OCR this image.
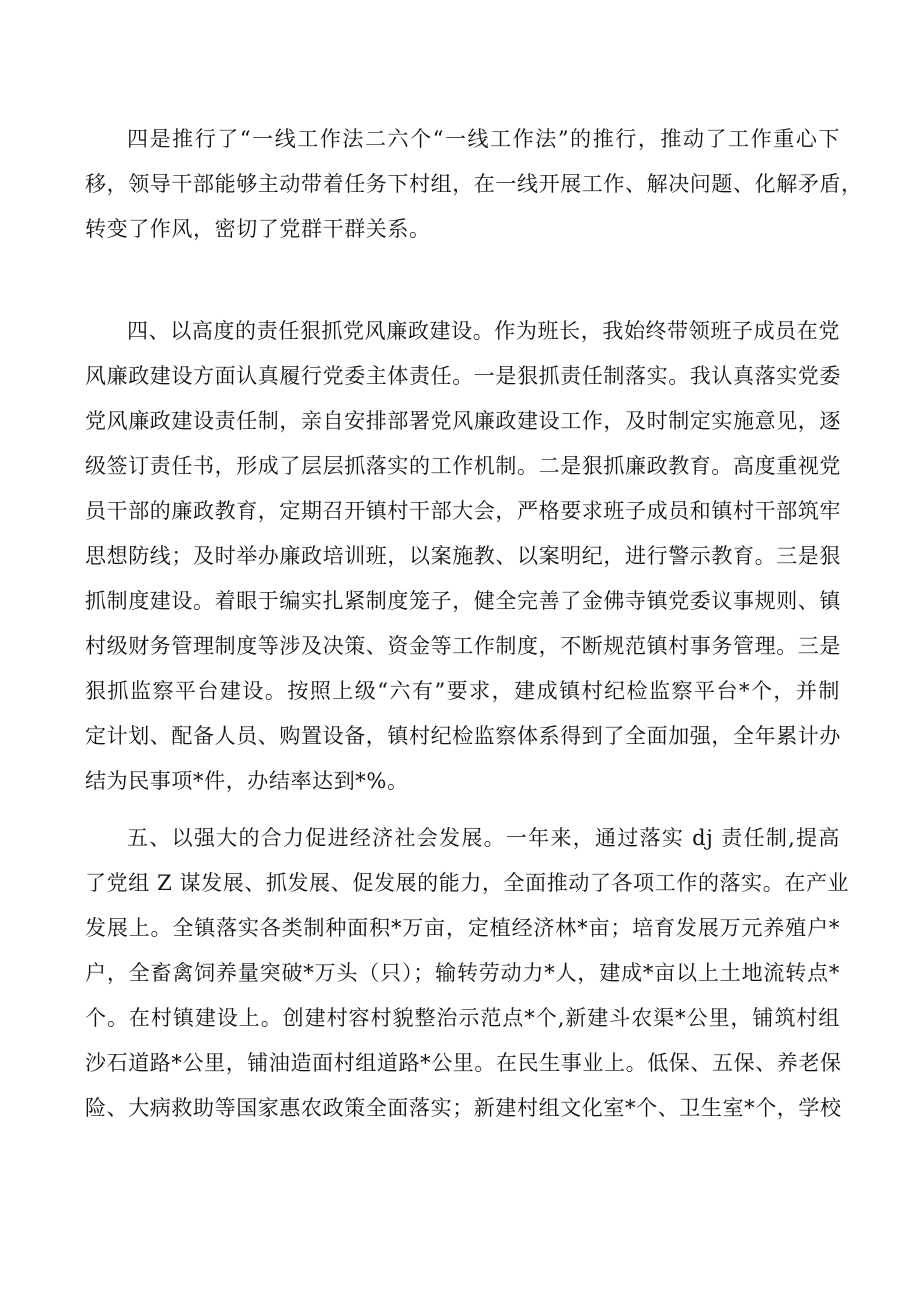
四是推行了“一线工作法二六个“一线工作法”的推行，推动了工作重心下
移，领导干部能够主动带着任务下村组，在一线开展工作、解决问题、化解矛盾，
转变了作风，密切了党群干群关系。
四、以高度的责任狠抓党风廉政建设。作为班长，我始终带领班子成员在党
风廉政建设方面认真履行党委主体责任。一是狠抓责任制落实。我认真落实党委
党风廉政建设责任制，亲自安排部署党风廉政建设工作，及时制定实施意见，逐
级签订责任书，形成了层层抓落实的工作机制。二是狠抓廉政教育。高度重视党
员干部的廉政教育，定期召开镇村干部大会，严格要求班子成员和镇村干部筑牢
思想防线；及时举办廉政培训班，以案施教、以案明纪，进行警示教育。三是狠
抓制度建设。着眼于编实扎紧制度笼子，健全完善了金佛寺镇党委议事规则、镇
村级财务管理制度等涉及决策、资金等工作制度，不断规范镇村事务管理。三是
狠抓监察平台建设。按照上级“六有”要求，建成镇村纪检监察平台*个，并制
定计划、配备人员、购置设备，镇村纪检监察体系得到了全面加强，全年累计办
结为民事项*件，办结率达到*%。
五、以强大的合力促进经济社会发展。一年来，通过落实 dj 责任制,提高
了党组 Z 谋发展、抓发展、促发展的能力，全面推动了各项工作的落实。在产业
发展上。全镇落实各类制种面积*万亩，定植经济林*亩；培育发展万元养殖户*
户，全畜禽饲养量突破*万头（只）；输转劳动力*人，建成*亩以上土地流转点*
个。在村镇建设上。创建村容村貌整治示范点*个,新建斗农渠*公里，铺筑村组
沙石道路*公里，铺油造面村组道路*公里。在民生事业上。低保、五保、养老保
险、大病救助等国家惠农政策全面落实；新建村组文化室*个、卫生室*个，学校
